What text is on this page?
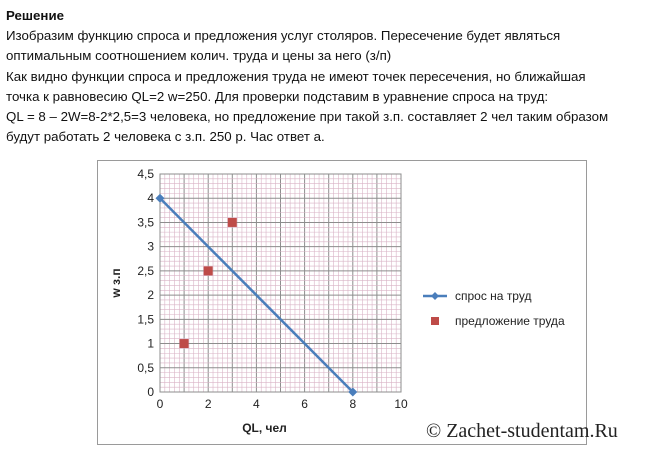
Решение

Изобразим функцию спроса и предложения услуг столяров. Пересечение будет являться

оптимальным соотношением колич. труда и цены за него (з/п)

Как видно функции спроса и предложения труда не имеют точек пересечения, но ближайшая

точка к равновесию QL=2 w=250. Для проверки подставим в уравнение спроса на труд:

QL = 8 – 2W=8-2*2,5=3 человека, но предложение при такой з.п. составляет 2 чел таким образом

будут работать 2 человека с з.п. 250 р. Час ответ а.

0	2	4	6	8	10
0
0,5
1
1,5
2
2,5
3
3,5
4
4,5
QL, чел
w з.п	спрос на труд
предложение труда
© Zachet-studentam.Ru
